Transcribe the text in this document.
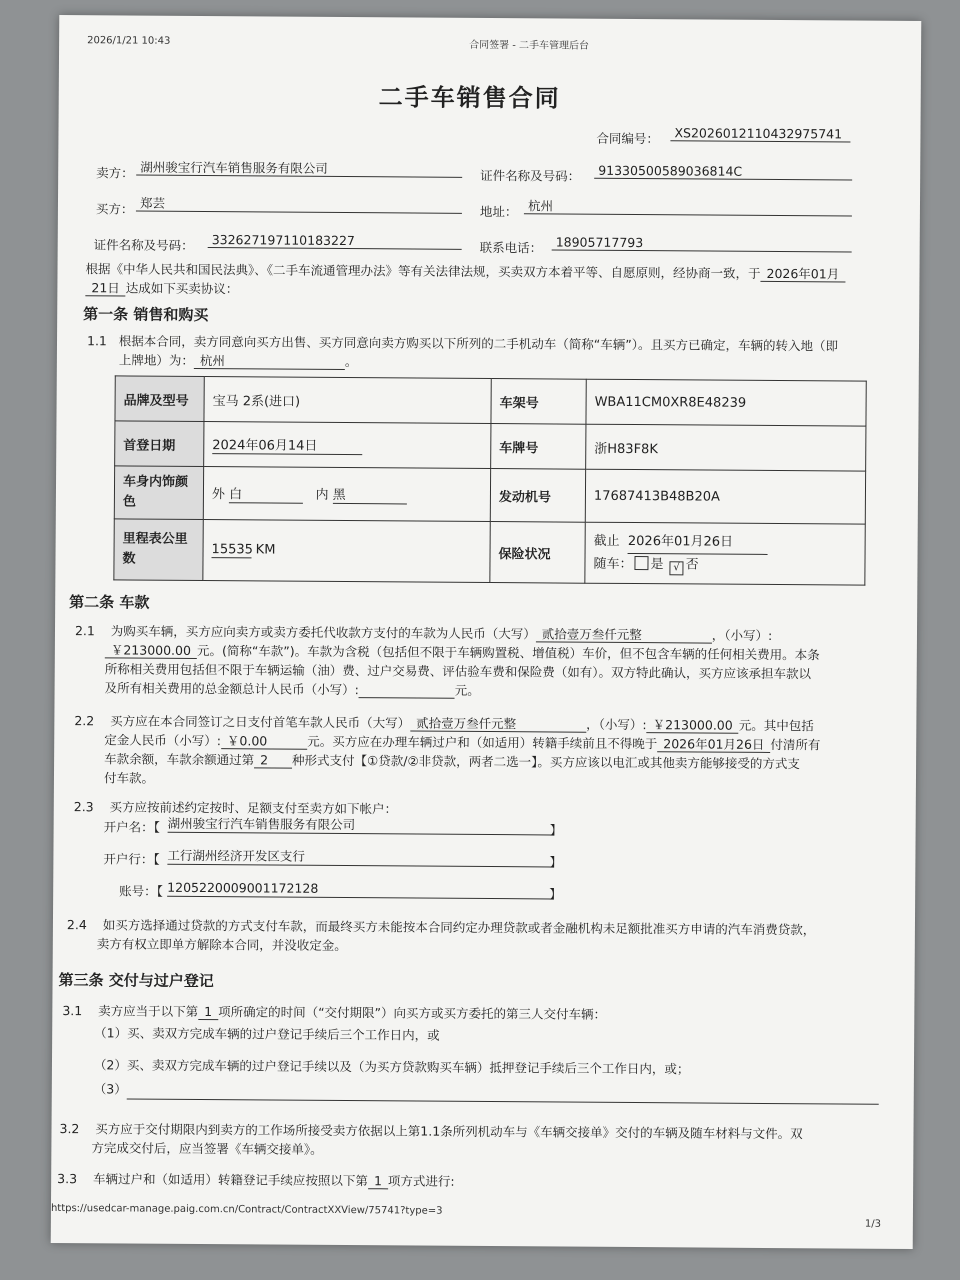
2026/1/21 10:43	合同签署 - 二手车管理后台
二手车销售合同
合同编号：	XS2026012110432975741
卖方： 湖州骏宝行汽车销售服务有限公司	证件名称及号码：	91330500589036814C
买方： 郑芸
地址： 杭州
证件名称及号码：	332627197110183227	联系电话：	18905717793
根据《中华人民共和国民法典》、《二手车流通管理办法》等有关法律法规，买卖双方本着平等、自愿原则，经协商一致，于 2026年01月
21日 达成如下买卖协议：
第一条 销售和购买
1.1 根据本合同，卖方同意向买方出售、买方同意向卖方购买以下所列的二手机动车（简称“车辆”）。且买方已确定，车辆的转入地（即
上牌地）为： 杭州	。
品牌及型号	宝马 2系(进口)	车架号	WBA11CM0XR8E48239
首登日期	2024年06月14日	车牌号	浙H83F8K
车身内饰颜色	外 白 内 黑	发动机号	17687413B48B20A
里程表公里数	15535 KM	保险状况	截止 2026年01月26日
随车： 是 √ 否
第二条 车款
2.1 为购买车辆，买方应向卖方或卖方委托代收款方支付的车款为人民币（大写） 贰拾壹万叁仟元整	，（小写）:
￥213000.00 元。(简称“车款”)。车款为含税（包括但不限于车辆购置税、增值税）车价，但不包含车辆的任何相关费用。本条
所称相关费用包括但不限于车辆运输（油）费、过户交易费、评估验车费和保险费（如有）。双方特此确认，买方应该承担车款以
及所有相关费用的总金额总计人民币（小写）:	元。
2.2 买方应在本合同签订之日支付首笔车款人民币（大写） 贰拾壹万叁仟元整	，（小写）: ￥213000.00 元。其中包括
定金人民币（小写）: ￥0.00	元。买方应在办理车辆过户和（如适用）转籍手续前且不得晚于 2026年01月26日 付清所有
车款余额，车款余额通过第 2 种形式支付【①贷款/②非贷款，两者二选一】。买方应该以电汇或其他卖方能够接受的方式支
付车款。
2.3 买方应按前述约定按时、足额支付至卖方如下帐户：
开户名：【 湖州骏宝行汽车销售服务有限公司	】
开户行：【 工行湖州经济开发区支行	】
账号：【 1205220009001172128	】
2.4 如买方选择通过贷款的方式支付车款，而最终买方未能按本合同约定办理贷款或者金融机构未足额批准买方申请的汽车消费贷款，
卖方有权立即单方解除本合同，并没收定金。
第三条 交付与过户登记
3.1 卖方应当于以下第 1 项所确定的时间（“交付期限”）向买方或买方委托的第三人交付车辆：
（1）买、卖双方完成车辆的过户登记手续后三个工作日内，或
（2）买、卖双方完成车辆的过户登记手续以及（为买方贷款购买车辆）抵押登记手续后三个工作日内，或；
（3）
3.2 买方应于交付期限内到卖方的工作场所接受卖方依据以上第1.1条所列机动车与《车辆交接单》交付的车辆及随车材料与文件。双
方完成交付后，应当签署《车辆交接单》。
3.3 车辆过户和（如适用）转籍登记手续应按照以下第 1 项方式进行:
https://usedcar-manage.paig.com.cn/Contract/ContractXXView/75741?type=3
1/3
